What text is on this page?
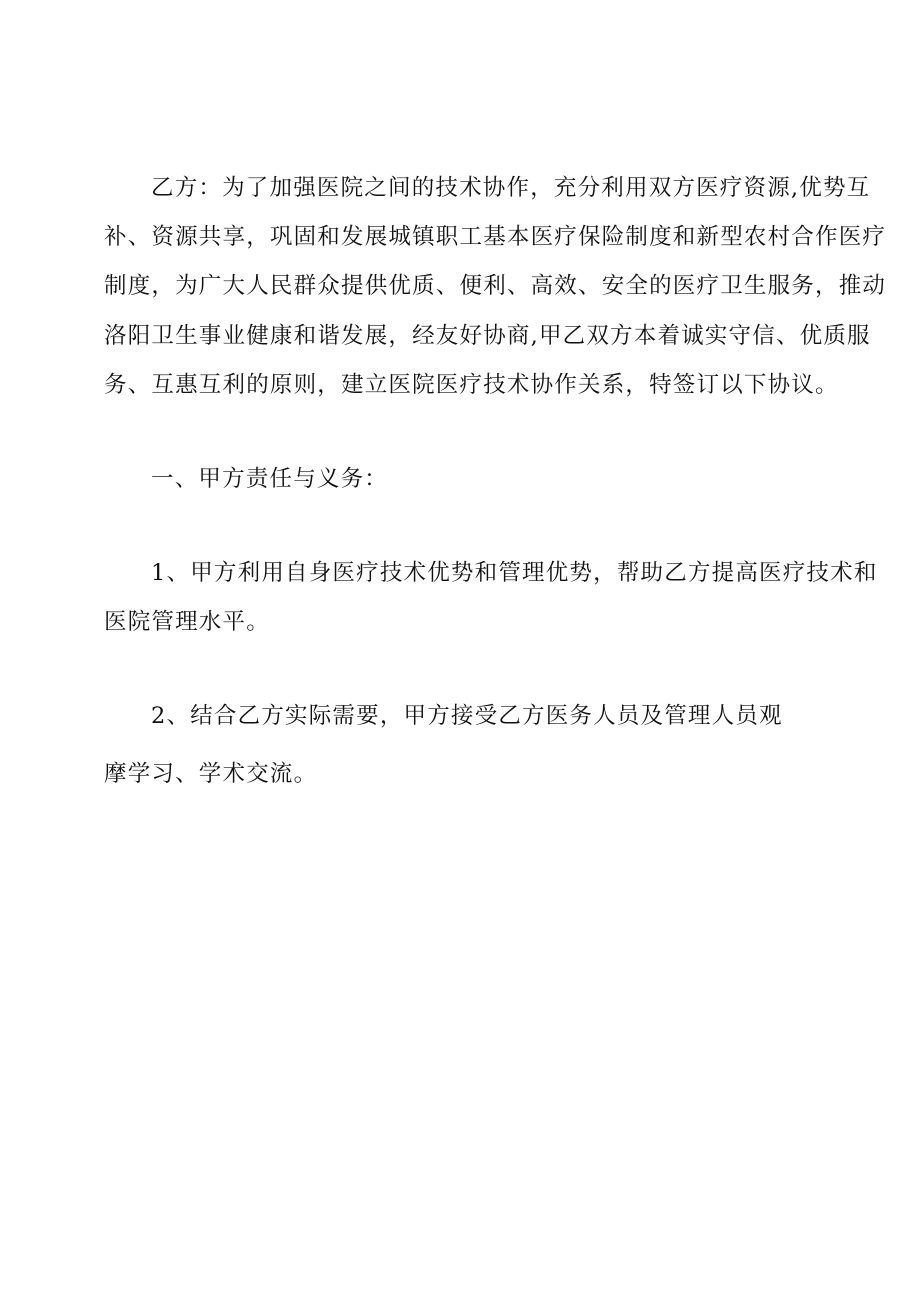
乙方：为了加强医院之间的技术协作，充分利用双方医疗资源,优势互
补、资源共享，巩固和发展城镇职工基本医疗保险制度和新型农村合作医疗
制度，为广大人民群众提供优质、便利、高效、安全的医疗卫生服务，推动
洛阳卫生事业健康和谐发展，经友好协商,甲乙双方本着诚实守信、优质服
务、互惠互利的原则，建立医院医疗技术协作关系，特签订以下协议。
一、甲方责任与义务：
1、甲方利用自身医疗技术优势和管理优势，帮助乙方提高医疗技术和
医院管理水平。
2、结合乙方实际需要，甲方接受乙方医务人员及管理人员观
摩学习、学术交流。
